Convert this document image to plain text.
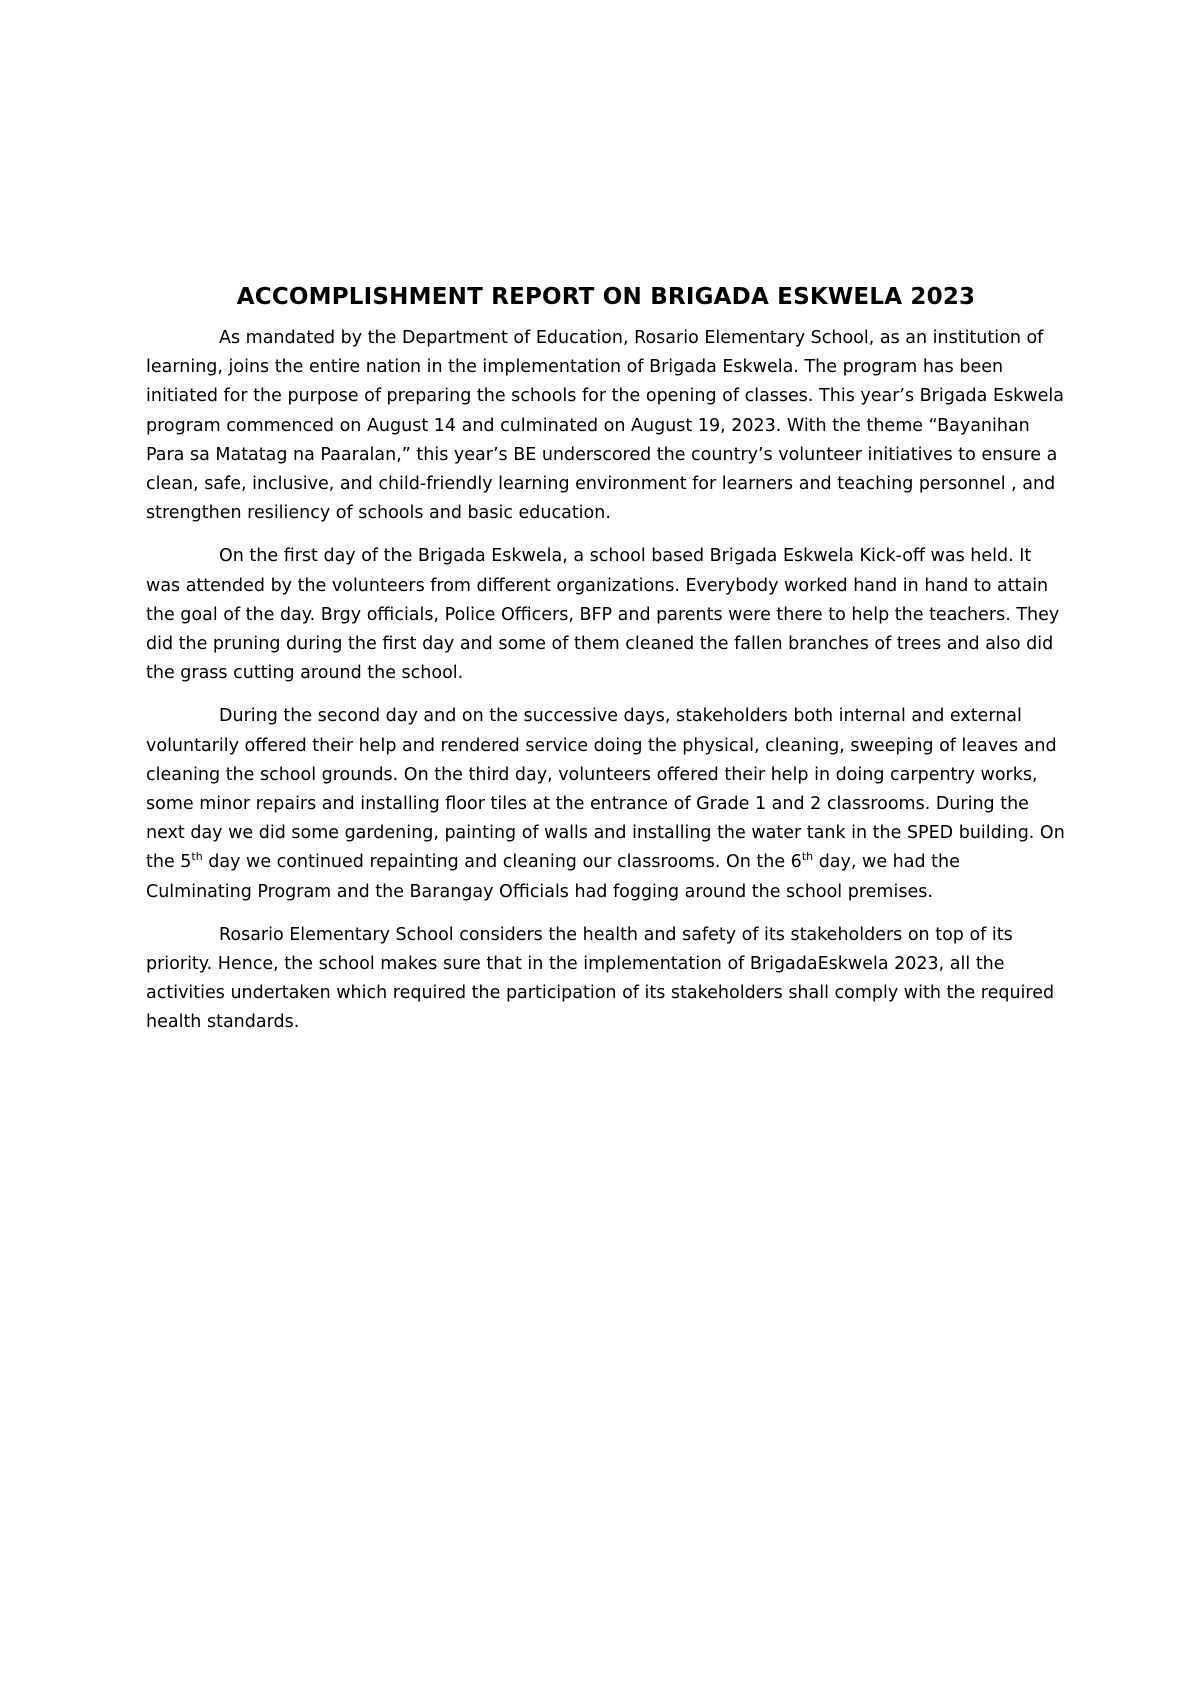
ACCOMPLISHMENT REPORT ON BRIGADA ESKWELA 2023

As mandated by the Department of Education, Rosario Elementary School, as an institution of learning, joins the entire nation in the implementation of Brigada Eskwela. The program has been initiated for the purpose of preparing the schools for the opening of classes. This year’s Brigada Eskwela program commenced on August 14 and culminated on August 19, 2023. With the theme “Bayanihan Para sa Matatag na Paaralan,” this year’s BE underscored the country’s volunteer initiatives to ensure a clean, safe, inclusive, and child-friendly learning environment for learners and teaching personnel , and strengthen resiliency of schools and basic education.

On the first day of the Brigada Eskwela, a school based Brigada Eskwela Kick-off was held. It was attended by the volunteers from different organizations. Everybody worked hand in hand to attain the goal of the day. Brgy officials, Police Officers, BFP and parents were there to help the teachers. They did the pruning during the first day and some of them cleaned the fallen branches of trees and also did the grass cutting around the school.

During the second day and on the successive days, stakeholders both internal and external voluntarily offered their help and rendered service doing the physical, cleaning, sweeping of leaves and cleaning the school grounds. On the third day, volunteers offered their help in doing carpentry works, some minor repairs and installing floor tiles at the entrance of Grade 1 and 2 classrooms. During the next day we did some gardening, painting of walls and installing the water tank in the SPED building. On the 5th day we continued repainting and cleaning our classrooms. On the 6th day, we had the Culminating Program and the Barangay Officials had fogging around the school premises.

Rosario Elementary School considers the health and safety of its stakeholders on top of its priority. Hence, the school makes sure that in the implementation of BrigadaEskwela 2023, all the activities undertaken which required the participation of its stakeholders shall comply with the required health standards.
